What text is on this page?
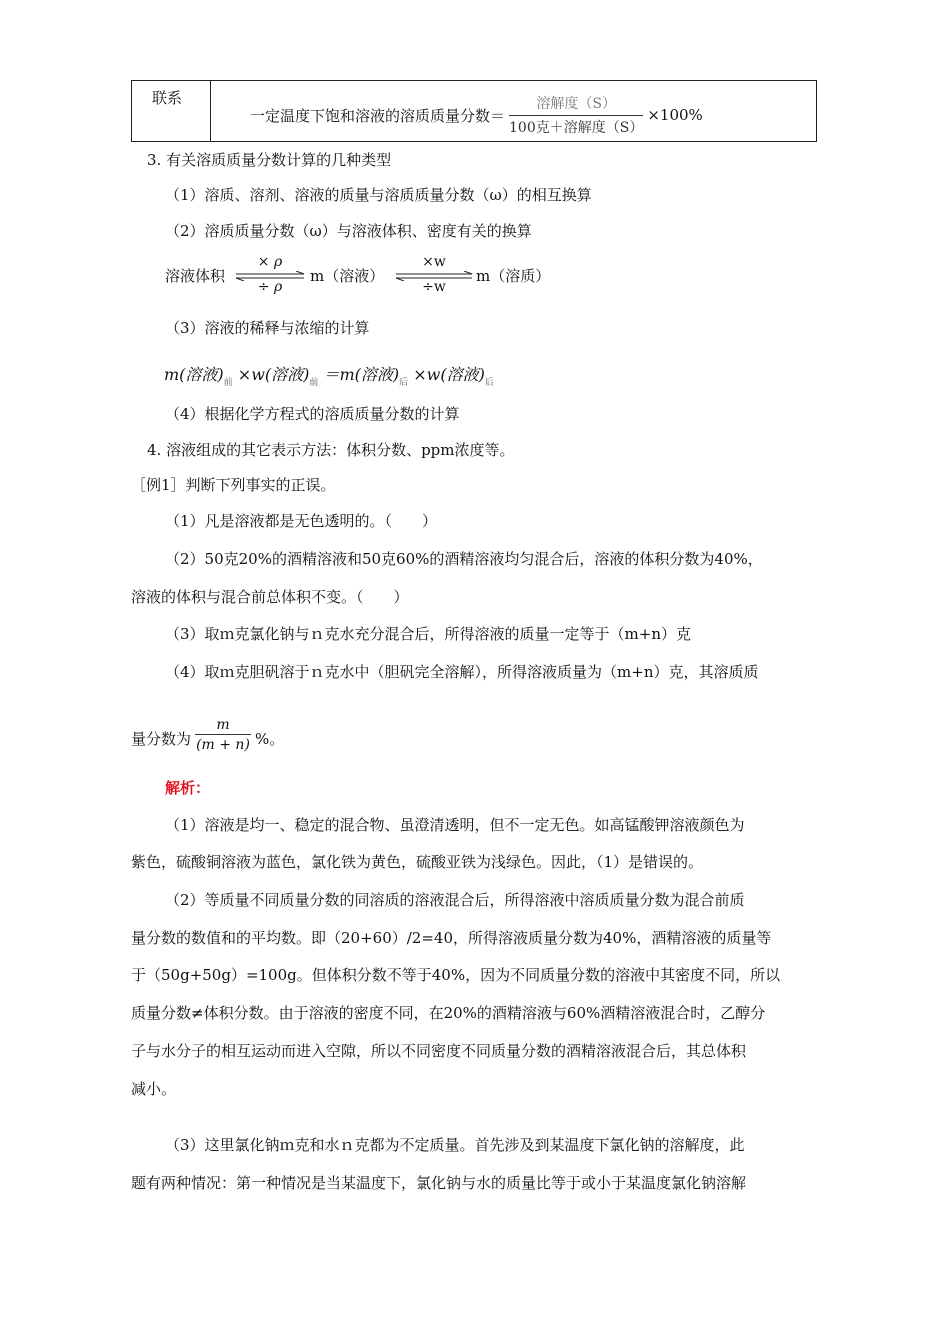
联系
一定温度下饱和溶液的溶质质量分数＝ $\frac{\text{溶解度（S）}}{\text{100克＋溶解度（S）}} \times 100\%$
3. 有关溶质质量分数计算的几种类型
（1）溶质、溶剂、溶液的质量与溶质质量分数（ω）的相互换算
（2）溶质质量分数（ω）与溶液体积、密度有关的换算
溶液体积
× ρ
÷ ρ
m（溶液）
×w
÷w
m（溶质）
（3）溶液的稀释与浓缩的计算
m(溶液)$_前 \times w$(溶液)$_前 =m$(溶液)$_后 \times w$(溶液)$_后$
（4）根据化学方程式的溶质质量分数的计算
4. 溶液组成的其它表示方法：体积分数、ppm浓度等。
［例1］判断下列事实的正误。
（1）凡是溶液都是无色透明的。（　　）
（2）50克20%的酒精溶液和50克60%的酒精溶液均匀混合后，溶液的体积分数为40%，
溶液的体积与混合前总体积不变。（　　）
（3）取ｍ克氯化钠与ｎ克水充分混合后，所得溶液的质量一定等于（m+n）克
（4）取ｍ克胆矾溶于ｎ克水中（胆矾完全溶解），所得溶液质量为（m+n）克，其溶质质
量分数为
m
(m + n) %。
解析：
（1）溶液是均一、稳定的混合物、虽澄清透明，但不一定无色。如高锰酸钾溶液颜色为
紫色，硫酸铜溶液为蓝色，氯化铁为黄色，硫酸亚铁为浅绿色。因此，（1）是错误的。
（2）等质量不同质量分数的同溶质的溶液混合后，所得溶液中溶质质量分数为混合前质
量分数的数值和的平均数。即（20+60）/2=40，所得溶液质量分数为40%，酒精溶液的质量等
于（50g+50g）=100g。但体积分数不等于40%，因为不同质量分数的溶液中其密度不同，所以
质量分数≠体积分数。由于溶液的密度不同，在20%的酒精溶液与60%酒精溶液混合时，乙醇分
子与水分子的相互运动而进入空隙，所以不同密度不同质量分数的酒精溶液混合后，其总体积
减小。
（3）这里氯化钠ｍ克和水ｎ克都为不定质量。首先涉及到某温度下氯化钠的溶解度，此
题有两种情况：第一种情况是当某温度下，氯化钠与水的质量比等于或小于某温度氯化钠溶解
